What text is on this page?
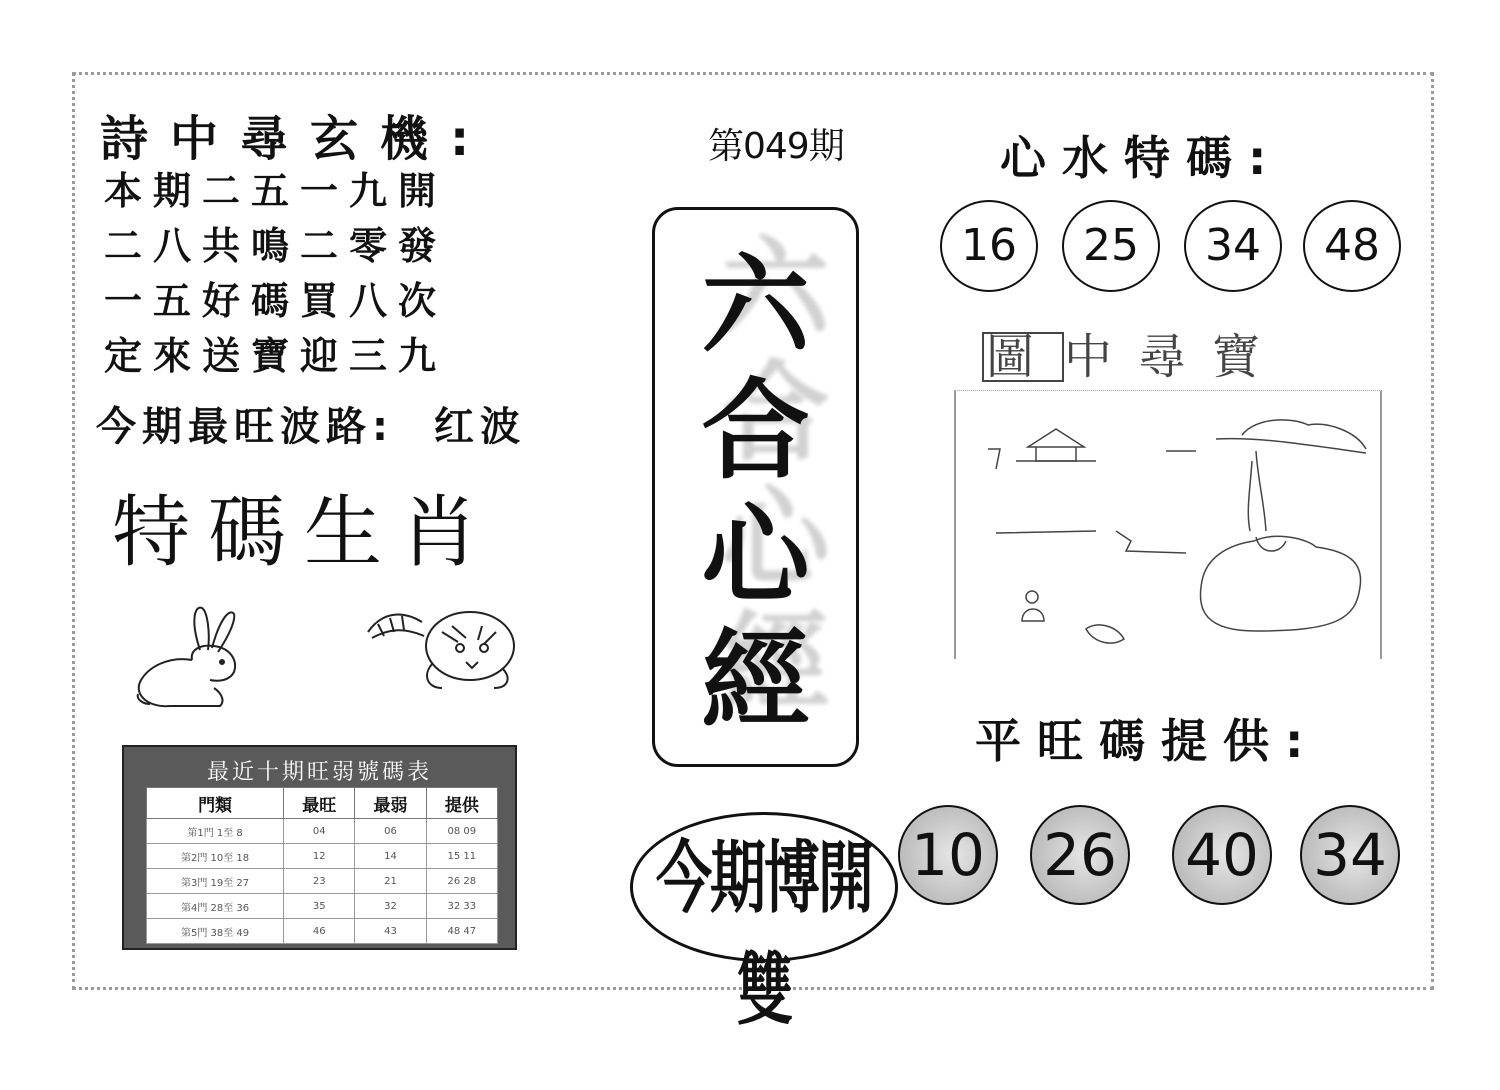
詩中尋玄機:
本期二五一九開
二八共鳴二零發
一五好碼買八次
定來送寶迎三九
今期最旺波路: 红波
特碼生肖
最近十期旺弱號碼表
門類	最旺	最弱	提供
第1門 1至 8	04	06	08 09
第2門 10至 18	12	14	15 11
第3門 19至 27	23	21	26 28
第4門 28至 36	35	32	32 33
第5門 38至 49	46	43	48 47
第049期
六合心經
今期博開雙
心水特碼:
16	25	34	48
圖中尋寶
平旺碼提供:
10 26 40 34
